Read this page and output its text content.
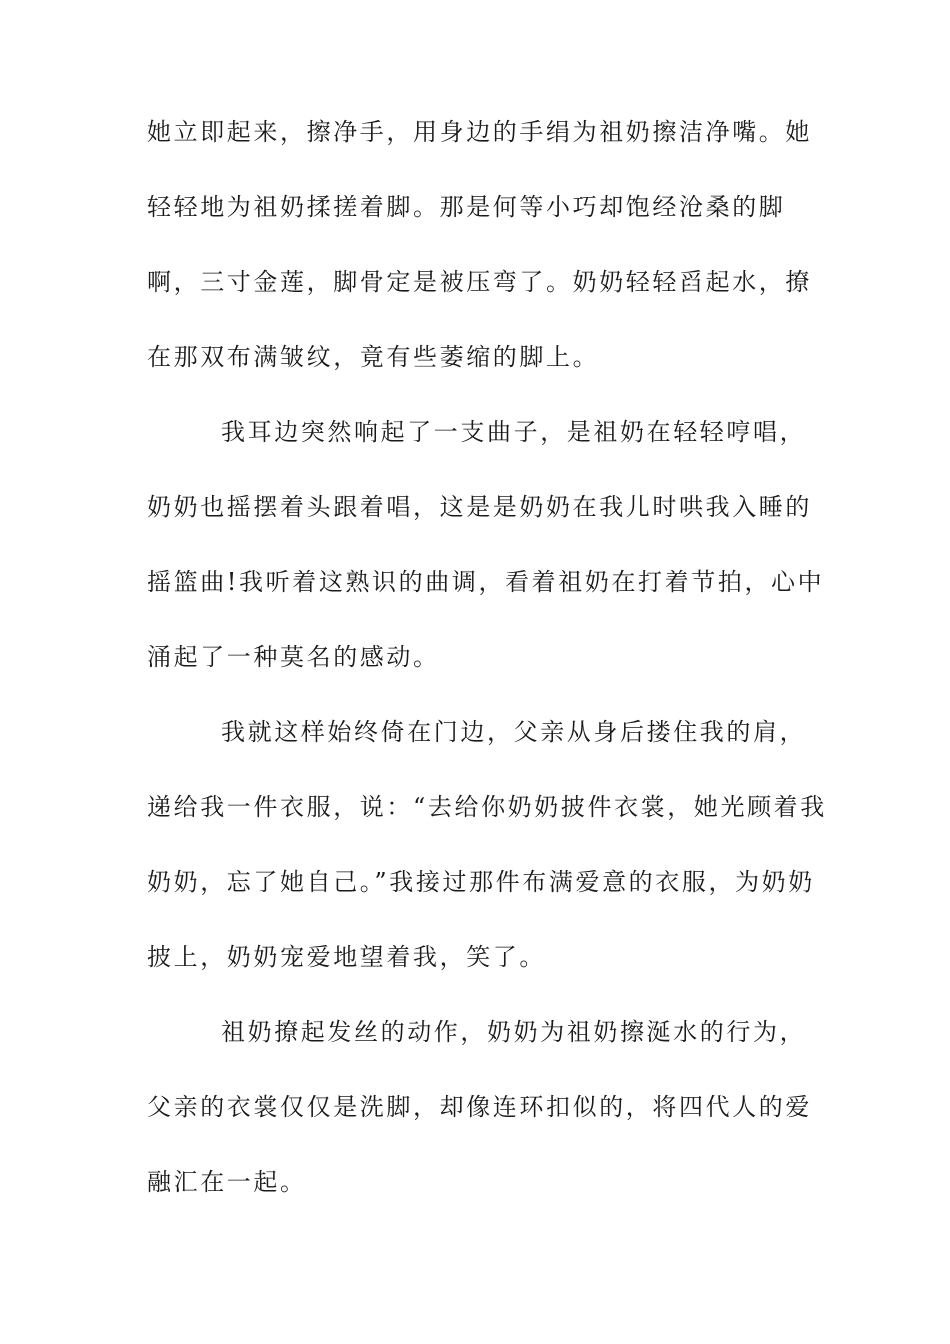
她立即起来，擦净手，用身边的手绢为祖奶擦洁净嘴。她
轻轻地为祖奶揉搓着脚。那是何等小巧却饱经沧桑的脚
啊，三寸金莲，脚骨定是被压弯了。奶奶轻轻舀起水，撩
在那双布满皱纹，竟有些萎缩的脚上。
我耳边突然响起了一支曲子，是祖奶在轻轻哼唱，
奶奶也摇摆着头跟着唱，这是是奶奶在我儿时哄我入睡的
摇篮曲!我听着这熟识的曲调，看着祖奶在打着节拍，心中
涌起了一种莫名的感动。
我就这样始终倚在门边，父亲从身后搂住我的肩，
递给我一件衣服，说：“去给你奶奶披件衣裳，她光顾着我
奶奶，忘了她自己。”我接过那件布满爱意的衣服，为奶奶
披上，奶奶宠爱地望着我，笑了。
祖奶撩起发丝的动作，奶奶为祖奶擦涎水的行为，
父亲的衣裳仅仅是洗脚，却像连环扣似的，将四代人的爱
融汇在一起。
